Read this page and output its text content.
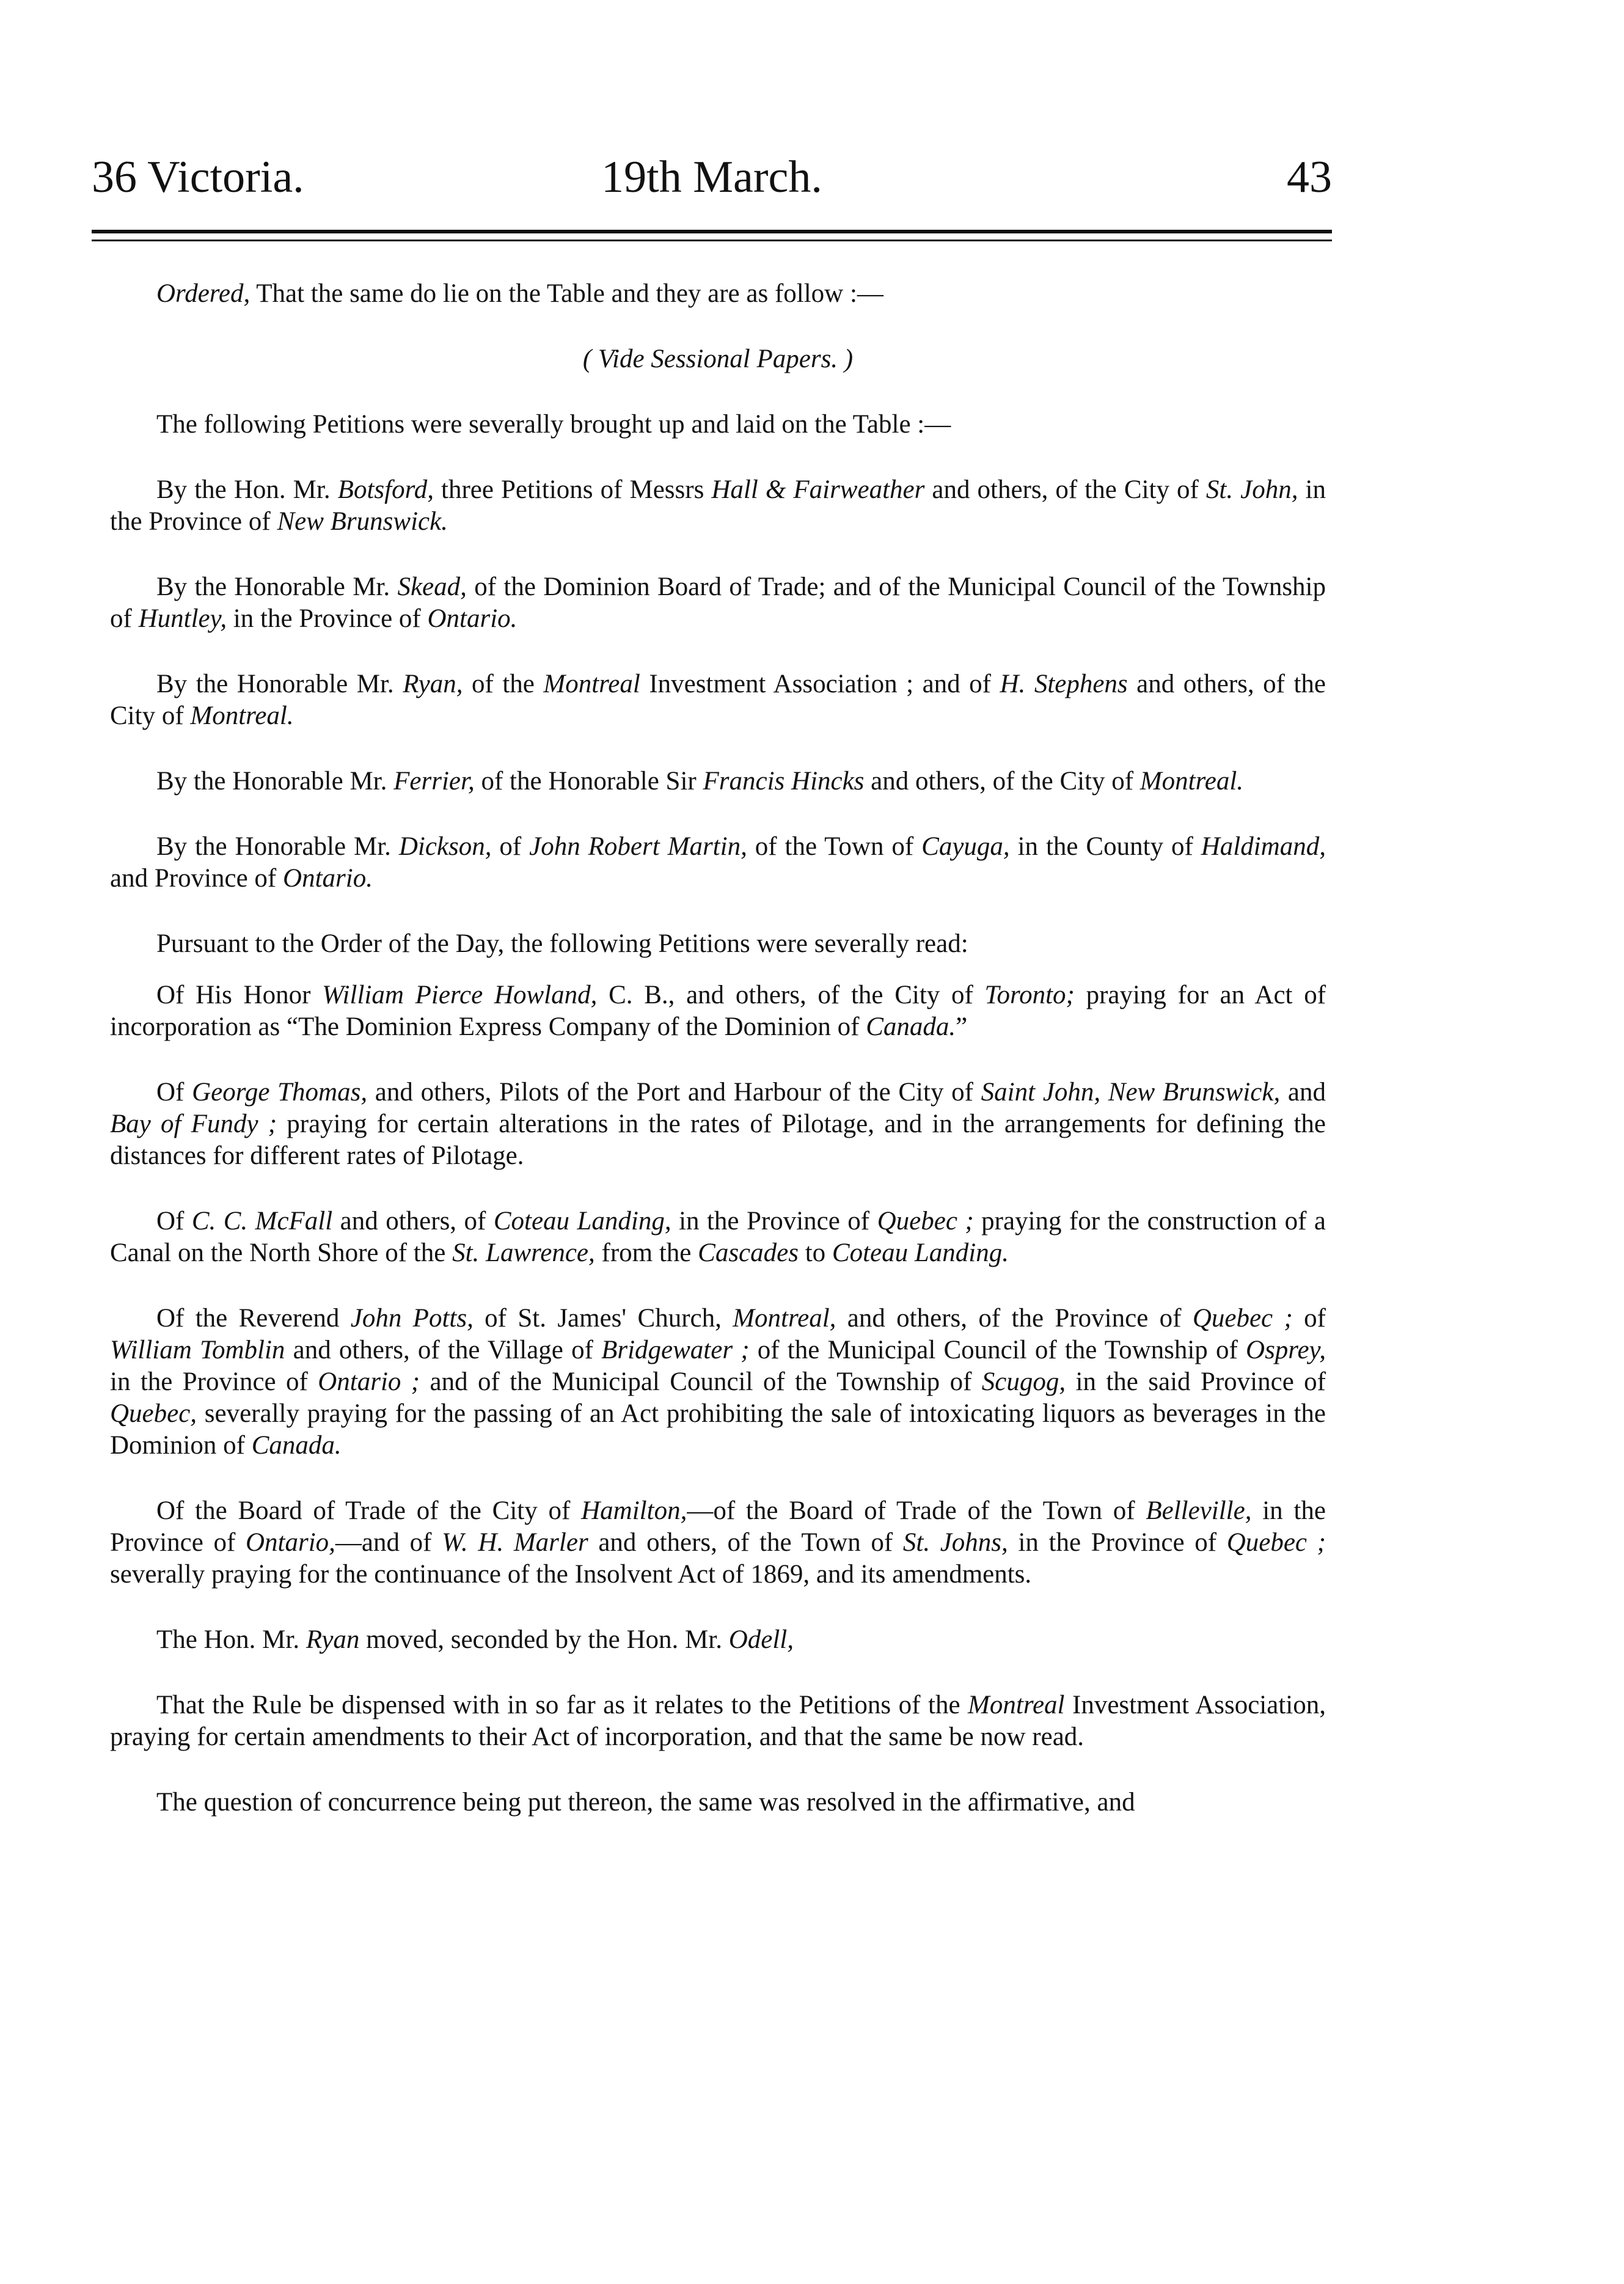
36 Victoria.	19th March.	43

Ordered, That the same do lie on the Table and they are as follow :—

( Vide Sessional Papers. )

The following Petitions were severally brought up and laid on the Table :—

By the Hon. Mr. Botsford, three Petitions of Messrs Hall & Fairweather and others, of the City of St. John, in the Province of New Brunswick.

By the Honorable Mr. Skead, of the Dominion Board of Trade; and of the Municipal Council of the Township of Huntley, in the Province of Ontario.

By the Honorable Mr. Ryan, of the Montreal Investment Association ; and of H. Stephens and others, of the City of Montreal.

By the Honorable Mr. Ferrier, of the Honorable Sir Francis Hincks and others, of the City of Montreal.

By the Honorable Mr. Dickson, of John Robert Martin, of the Town of Cayuga, in the County of Haldimand, and Province of Ontario.

Pursuant to the Order of the Day, the following Petitions were severally read:

Of His Honor William Pierce Howland, C. B., and others, of the City of Toronto; praying for an Act of incorporation as “The Dominion Express Company of the Dominion of Canada.”

Of George Thomas, and others, Pilots of the Port and Harbour of the City of Saint John, New Brunswick, and Bay of Fundy ; praying for certain alterations in the rates of Pilotage, and in the arrangements for defining the distances for different rates of Pilotage.

Of C. C. McFall and others, of Coteau Landing, in the Province of Quebec ; praying for the construction of a Canal on the North Shore of the St. Lawrence, from the Cascades to Coteau Landing.

Of the Reverend John Potts, of St. James' Church, Montreal, and others, of the Province of Quebec ; of William Tomblin and others, of the Village of Bridgewater ; of the Municipal Council of the Township of Osprey, in the Province of Ontario ; and of the Municipal Council of the Township of Scugog, in the said Province of Quebec, severally praying for the passing of an Act prohibiting the sale of intoxicating liquors as beverages in the Dominion of Canada.

Of the Board of Trade of the City of Hamilton,—of the Board of Trade of the Town of Belleville, in the Province of Ontario,—and of W. H. Marler and others, of the Town of St. Johns, in the Province of Quebec ; severally praying for the continuance of the Insolvent Act of 1869, and its amendments.

The Hon. Mr. Ryan moved, seconded by the Hon. Mr. Odell,

That the Rule be dispensed with in so far as it relates to the Petitions of the Montreal Investment Association, praying for certain amendments to their Act of incorporation, and that the same be now read.

The question of concurrence being put thereon, the same was resolved in the affirmative, and
